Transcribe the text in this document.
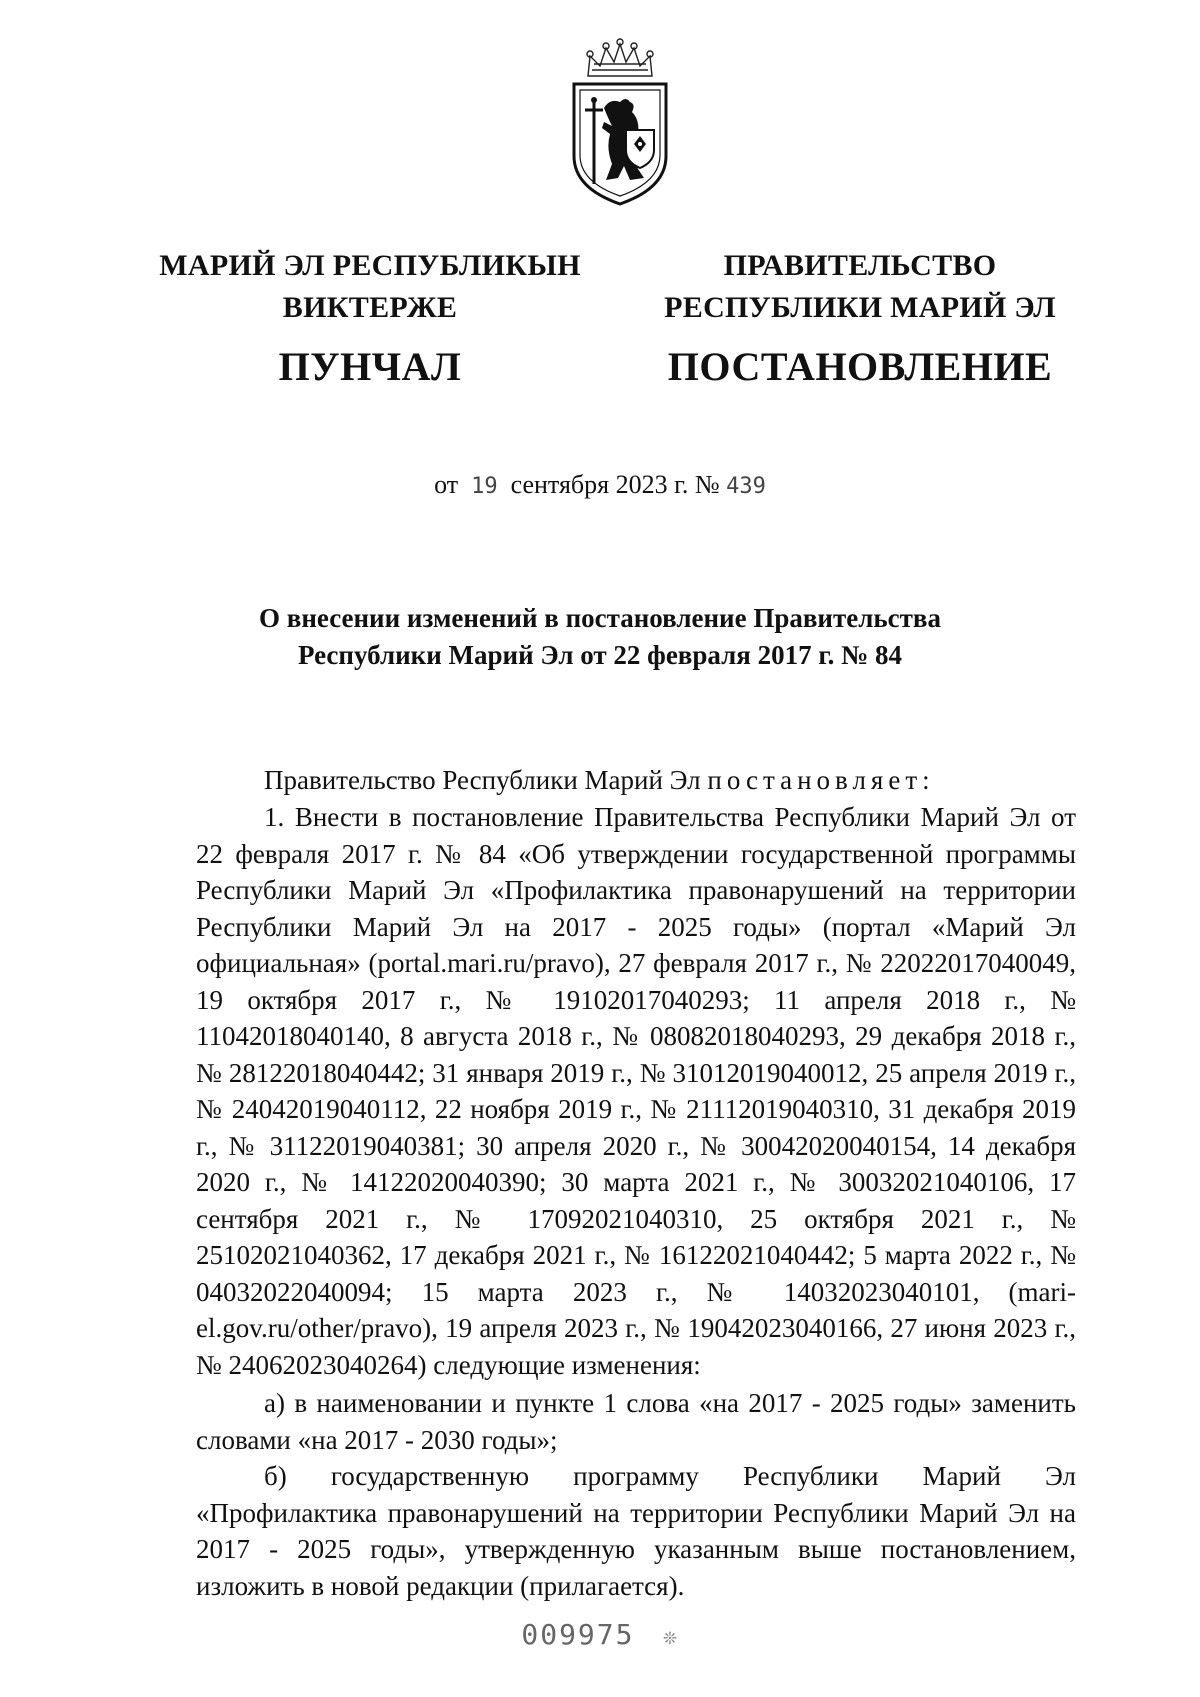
МАРИЙ ЭЛ РЕСПУБЛИКЫН
ВИКТЕРЖЕ
ПУНЧАЛ
ПРАВИТЕЛЬСТВО
РЕСПУБЛИКИ МАРИЙ ЭЛ
ПОСТАНОВЛЕНИЕ
от 19 сентября 2023 г. № 439
О внесении изменений в постановление Правительства
Республики Марий Эл от 22 февраля 2017 г. № 84

Правительство Республики Марий Эл постановляет:

1. Внести в постановление Правительства Республики Марий Эл от 22 февраля 2017 г. № 84 «Об утверждении государственной программы Республики Марий Эл «Профилактика правонарушений на территории Республики Марий Эл на 2017 - 2025 годы» (портал «Марий Эл официальная» (portal.mari.ru/pravo), 27 февраля 2017 г., № 22022017040049, 19 октября 2017 г., № 19102017040293; 11 апреля 2018 г., № 11042018040140, 8 августа 2018 г., № 08082018040293, 29 декабря 2018 г., № 28122018040442; 31 января 2019 г., № 31012019040012, 25 апреля 2019 г., № 24042019040112, 22 ноября 2019 г., № 21112019040310, 31 декабря 2019 г., № 31122019040381; 30 апреля 2020 г., № 30042020040154, 14 декабря 2020 г., № 14122020040390; 30 марта 2021 г., № 30032021040106, 17 сентября 2021 г., № 17092021040310, 25 октября 2021 г., № 25102021040362, 17 декабря 2021 г., № 16122021040442; 5 марта 2022 г., № 04032022040094; 15 марта 2023 г., № 14032023040101, (mari-el.gov.ru/other/pravo), 19 апреля 2023 г., № 19042023040166, 27 июня 2023 г., № 24062023040264) следующие изменения:

а) в наименовании и пункте 1 слова «на 2017 - 2025 годы» заменить словами «на 2017 - 2030 годы»;

б) государственную программу Республики Марий Эл «Профилактика правонарушений на территории Республики Марий Эл на 2017 - 2025 годы», утвержденную указанным выше постановлением, изложить в новой редакции (прилагается).

009975 ❊
